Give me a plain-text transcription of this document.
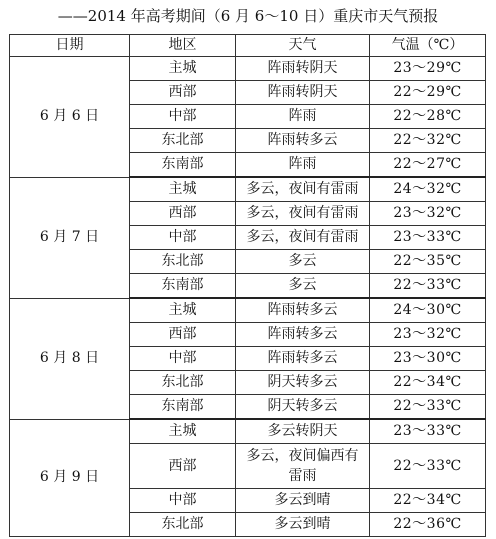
——2014 年高考期间（6 月 6～10 日）重庆市天气预报
日期	地区	天气	气温（℃）
6 月 6 日	主城	阵雨转阴天	23～29℃
	西部	阵雨转阴天	22～29℃
	中部	阵雨	22～28℃
	东北部	阵雨转多云	22～32℃
	东南部	阵雨	22～27℃
6 月 7 日	主城	多云，夜间有雷雨	24～32℃
	西部	多云，夜间有雷雨	23～32℃
	中部	多云，夜间有雷雨	23～33℃
	东北部	多云	22～35℃
	东南部	多云	22～33℃
6 月 8 日	主城	阵雨转多云	24～30℃
	西部	阵雨转多云	23～32℃
	中部	阵雨转多云	23～30℃
	东北部	阴天转多云	22～34℃
	东南部	阴天转多云	22～33℃
6 月 9 日	主城	多云转阴天	23～33℃
	西部	多云，夜间偏西有雷雨	22～33℃
	中部	多云到晴	22～34℃
	东北部	多云到晴	22～36℃
